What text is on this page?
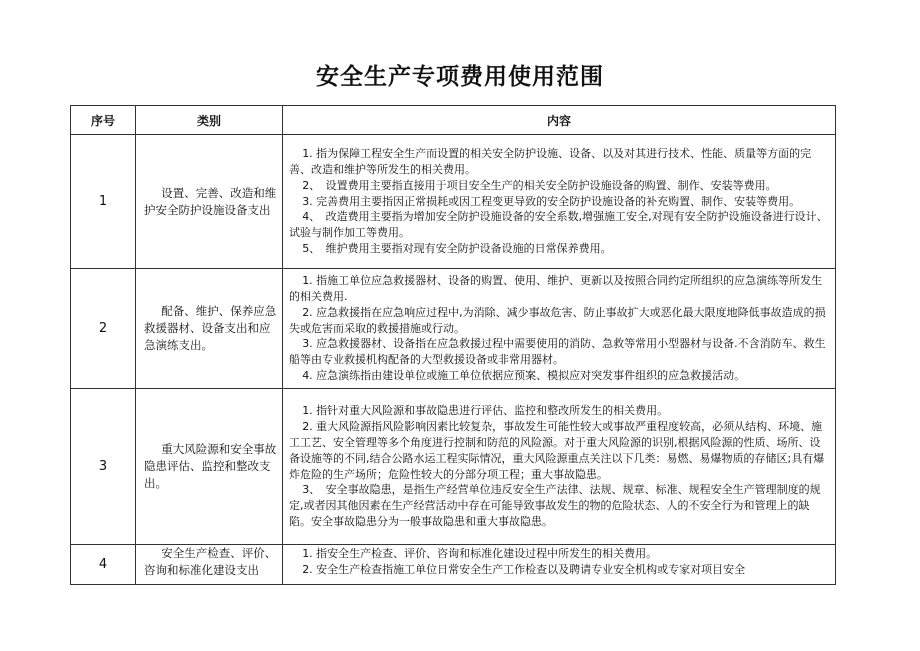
安全生产专项费用使用范围
序号	类别	内容
1	设置、完善、改造和维护安全防护设施设备支出	1. 指为保障工程安全生产而设置的相关安全防护设施、设备、以及对其进行技术、性能、质量等方面的完善、改造和维护等所发生的相关费用。

2、　设置费用主要指直接用于项目安全生产的相关安全防护设施设备的购置、制作、安装等费用。

3. 完善费用主要指因正常损耗或因工程变更导致的安全防护设施设备的补充购置、制作、安装等费用。

4、　改造费用主要指为增加安全防护设施设备的安全系数,增强施工安全,对现有安全防护设施设备进行设计、试验与制作加工等费用。

5、　维护费用主要指对现有安全防护设备设施的日常保养费用。

2	配备、维护、保养应急救援器材、设备支出和应急演练支出。	1. 指施工单位应急救援器材、设备的购置、使用、维护、更新以及按照合同约定所组织的应急演练等所发生的相关费用.

2. 应急救援指在应急响应过程中,为消除、减少事故危害、防止事故扩大或恶化最大限度地降低事故造成的损失或危害而采取的救援措施或行动。

3. 应急救援器材、设备指在应急救援过程中需要使用的消防、急救等常用小型器材与设备.不含消防车、救生船等由专业救援机构配备的大型救援设备或非常用器材。

4. 应急演练指由建设单位或施工单位依据应预案、模拟应对突发事件组织的应急救援活动。

3	重大风险源和安全事故隐患评估、监控和整改支出。	1. 指针对重大风险源和事故隐患进行评估、监控和整改所发生的相关费用。

2. 重大风险源指风险影响因素比较复杂，事故发生可能性较大或事故严重程度较高，必须从结构、环境、施工工艺、安全管理等多个角度进行控制和防范的风险源。对于重大风险源的识别,根据风险源的性质、场所、设备设施等的不同,结合公路水运工程实际情况，重大风险源重点关注以下几类：易燃、易爆物质的存储区;具有爆炸危险的生产场所；危险性较大的分部分项工程；重大事故隐患。

3、　安全事故隐患，是指生产经营单位违反安全生产法律、法规、规章、标准、规程安全生产管理制度的规定,或者因其他因素在生产经营活动中存在可能导致事故发生的物的危险状态、人的不安全行为和管理上的缺陷。安全事故隐患分为一般事故隐患和重大事故隐患。

4	安全生产检查、评价、咨询和标准化建设支出	1. 指安全生产检查、评价、咨询和标准化建设过程中所发生的相关费用。

2. 安全生产检查指施工单位日常安全生产工作检查以及聘请专业安全机构或专家对项目安全
